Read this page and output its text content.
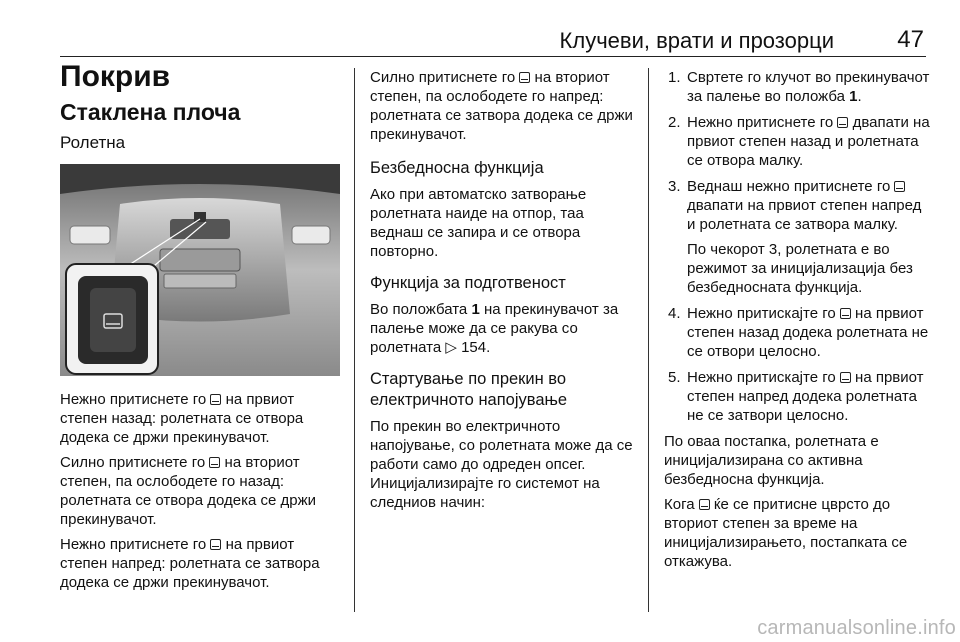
Клучеви, врати и прозорци	47
Покрив
Стаклена плоча
Ролетна

Нежно притиснете го на првиот степен назад: ролетната се отвора додека се држи прекинувачот.

Силно притиснете го на вториот степен, па ослободете го назад: ролетната се отвора додека се држи прекинувачот.

Нежно притиснете го на првиот степен напред: ролетната се затвора додека се држи прекинувачот.

Силно притиснете го на вториот степен, па ослободете го напред: ролетната се затвора додека се држи прекинувачот.

Безбедносна функција

Ако при автоматско затворање ролетната наиде на отпор, таа веднаш се запира и се отвора повторно.

Функција за подготвеност

Во положбата 1 на прекинувачот за палење може да се ракува со ролетната ▷ 154.

Стартување по прекин во електричното напојување

По прекин во електричното напојување, со ролетната може да се работи само до одреден опсег. Иницијализирајте го системот на следниов начин:

1. Свртете го клучот во прекинувачот за палење во положба 1.
2. Нежно притиснете го двапати на првиот степен назад и ролетната се отвора малку.
3. Веднаш нежно притиснете го  двапати на првиот степен напред и ролетната се затвора малку.

По чекорот 3, ролетната е во режимот за иницијализација без безбедносната функција.

4. Нежно притискајте го на првиот степен назад додека ролетната не се отвори целосно.
5. Нежно притискајте го на првиот степен напред додека ролетната не се затвори целосно.

По оваа постапка, ролетната е иницијализирана со активна безбедносна функција.

Кога ќе се притисне цврсто до вториот степен за време на иницијализирањето, постапката се откажува.

carmanualsonline.info
